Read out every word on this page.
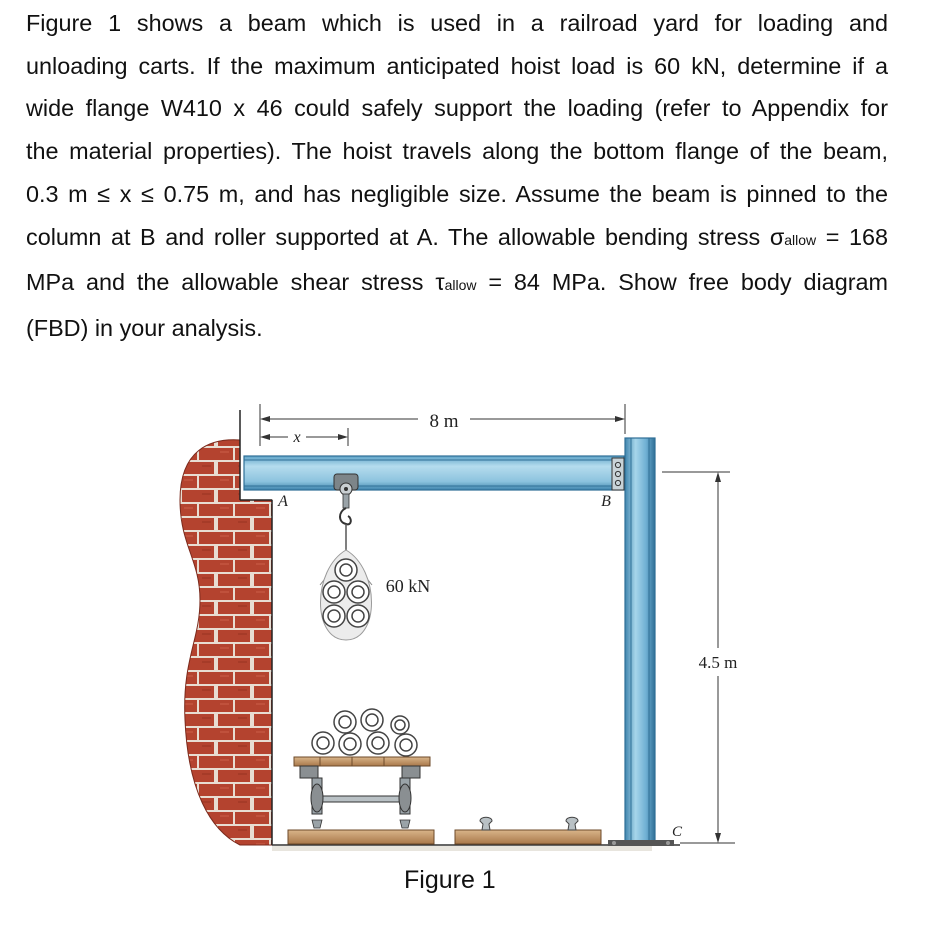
Figure 1 shows a beam which is used in a railroad yard for loading and
unloading carts. If the maximum anticipated hoist load is 60 kN, determine if a
wide flange W410 x 46 could safely support the loading (refer to Appendix for
the material properties). The hoist travels along the bottom flange of the beam,
0.3 m ≤ x ≤ 0.75 m, and has negligible size. Assume the beam is pinned to the
column at B and roller supported at A. The allowable bending stress σallow = 168
MPa and the allowable shear stress τallow = 84 MPa. Show free body diagram
(FBD) in your analysis.
8 m
x
4.5 m
A	B
C
60 kN
Figure 1
